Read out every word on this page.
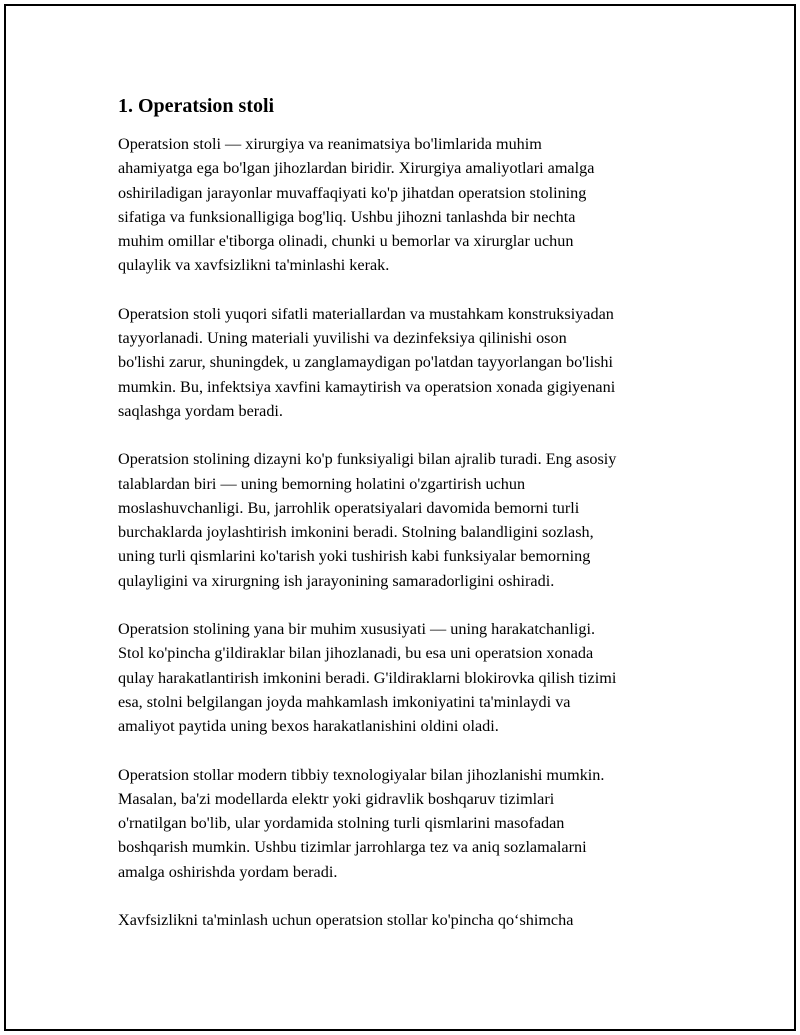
1. Operatsion stoli
Operatsion stoli — xirurgiya va reanimatsiya bo'limlarida muhim
ahamiyatga ega bo'lgan jihozlardan biridir. Xirurgiya amaliyotlari amalga
oshiriladigan jarayonlar muvaffaqiyati ko'p jihatdan operatsion stolining
sifatiga va funksionalligiga bog'liq. Ushbu jihozni tanlashda bir nechta
muhim omillar e'tiborga olinadi, chunki u bemorlar va xirurglar uchun
qulaylik va xavfsizlikni ta'minlashi kerak.
Operatsion stoli yuqori sifatli materiallardan va mustahkam konstruksiyadan
tayyorlanadi. Uning materiali yuvilishi va dezinfeksiya qilinishi oson
bo'lishi zarur, shuningdek, u zanglamaydigan po'latdan tayyorlangan bo'lishi
mumkin. Bu, infektsiya xavfini kamaytirish va operatsion xonada gigiyenani
saqlashga yordam beradi.
Operatsion stolining dizayni ko'p funksiyaligi bilan ajralib turadi. Eng asosiy
talablardan biri — uning bemorning holatini o'zgartirish uchun
moslashuvchanligi. Bu, jarrohlik operatsiyalari davomida bemorni turli
burchaklarda joylashtirish imkonini beradi. Stolning balandligini sozlash,
uning turli qismlarini ko'tarish yoki tushirish kabi funksiyalar bemorning
qulayligini va xirurgning ish jarayonining samaradorligini oshiradi.
Operatsion stolining yana bir muhim xususiyati — uning harakatchanligi.
Stol ko'pincha g'ildiraklar bilan jihozlanadi, bu esa uni operatsion xonada
qulay harakatlantirish imkonini beradi. G'ildiraklarni blokirovka qilish tizimi
esa, stolni belgilangan joyda mahkamlash imkoniyatini ta'minlaydi va
amaliyot paytida uning bexos harakatlanishini oldini oladi.
Operatsion stollar modern tibbiy texnologiyalar bilan jihozlanishi mumkin.
Masalan, ba'zi modellarda elektr yoki gidravlik boshqaruv tizimlari
o'rnatilgan bo'lib, ular yordamida stolning turli qismlarini masofadan
boshqarish mumkin. Ushbu tizimlar jarrohlarga tez va aniq sozlamalarni
amalga oshirishda yordam beradi.
Xavfsizlikni ta'minlash uchun operatsion stollar ko'pincha qo‘shimcha
